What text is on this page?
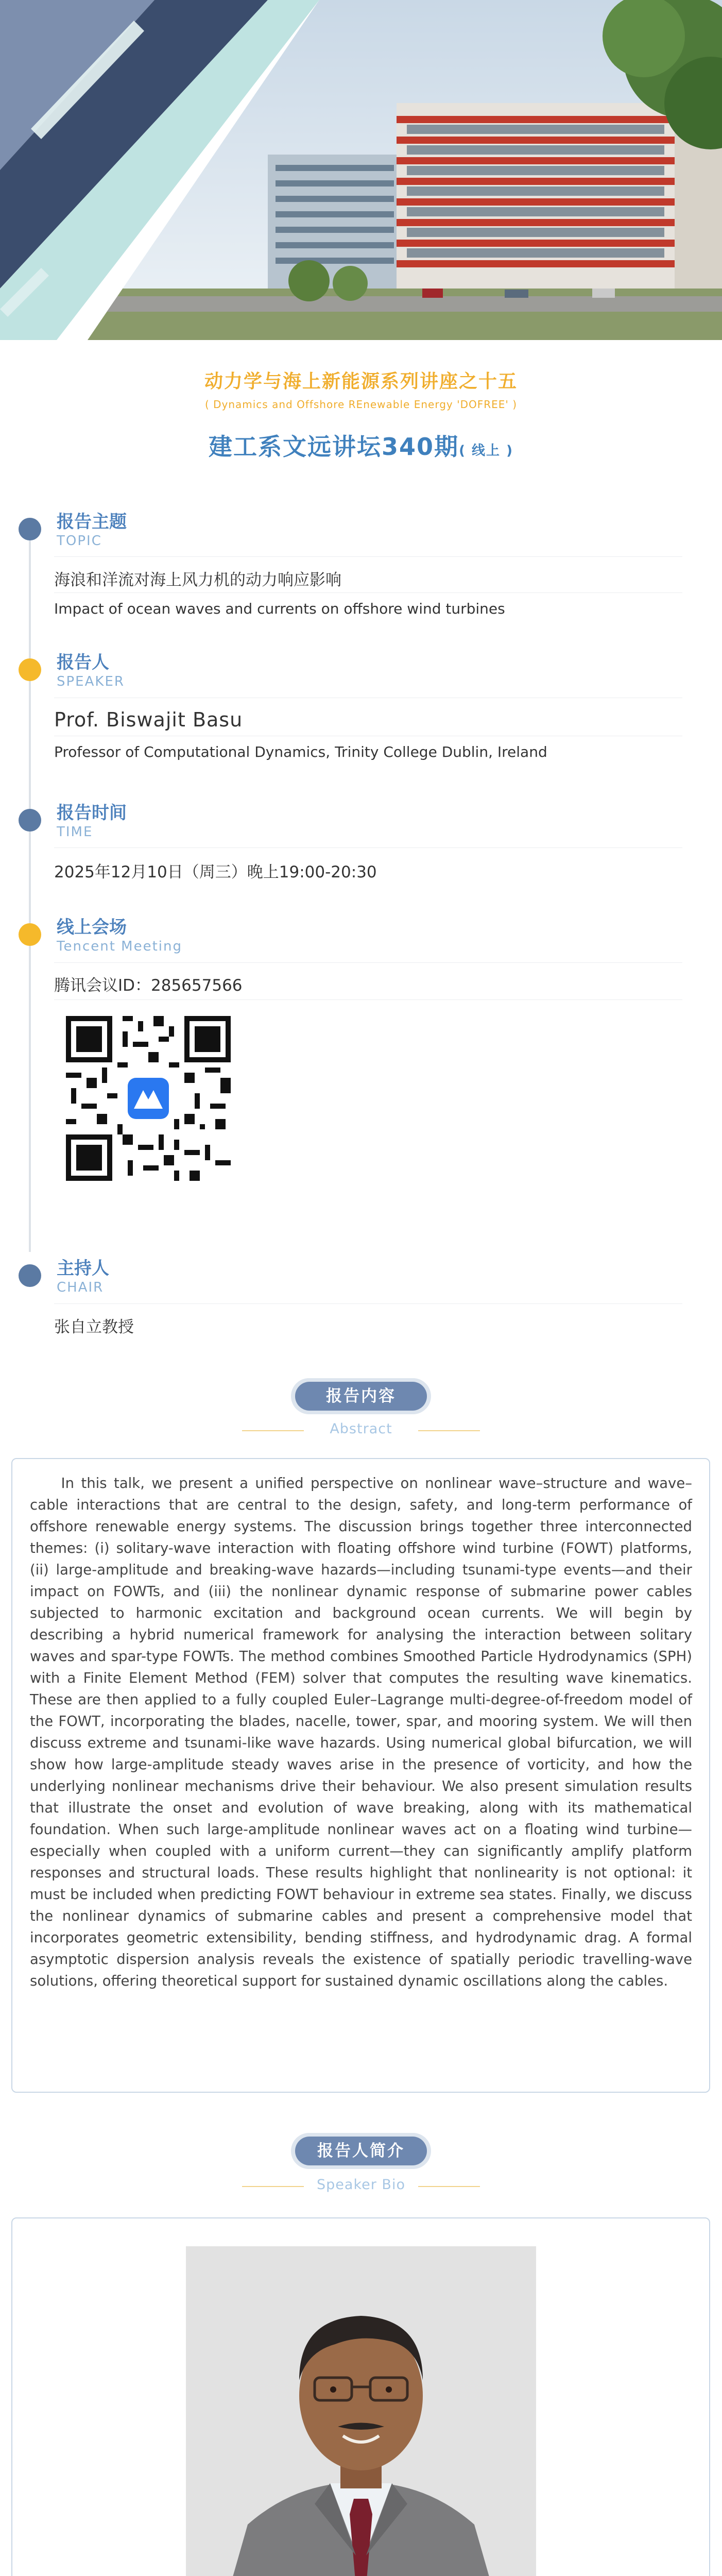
动力学与海上新能源系列讲座之十五
( Dynamics and Offshore REnewable Energy 'DOFREE' )
建工系文远讲坛340期( 线上 )
报告主题
TOPIC
海浪和洋流对海上风力机的动力响应影响
Impact of ocean waves and currents on offshore wind turbines
报告人
SPEAKER
Prof. Biswajit Basu
Professor of Computational Dynamics, Trinity College Dublin, Ireland
报告时间
TIME
2025年12月10日（周三）晚上19:00-20:30
线上会场
Tencent Meeting
腾讯会议ID：285657566
主持人
CHAIR
张自立教授
报告内容
Abstract
In this talk, we present a unified perspective on nonlinear wave–structure and wave–cable interactions that are central to the design, safety, and long-term performance of offshore renewable energy systems. The discussion brings together three interconnected themes: (i) solitary-wave interaction with floating offshore wind turbine (FOWT) platforms, (ii) large-amplitude and breaking-wave hazards—including tsunami-type events—and their impact on FOWTs, and (iii) the nonlinear dynamic response of submarine power cables subjected to harmonic excitation and background ocean currents. We will begin by describing a hybrid numerical framework for analysing the interaction between solitary waves and spar-type FOWTs. The method combines Smoothed Particle Hydrodynamics (SPH) with a Finite Element Method (FEM) solver that computes the resulting wave kinematics. These are then applied to a fully coupled Euler–Lagrange multi-degree-of-freedom model of the FOWT, incorporating the blades, nacelle, tower, spar, and mooring system. We will then discuss extreme and tsunami-like wave hazards. Using numerical global bifurcation, we will show how large-amplitude steady waves arise in the presence of vorticity, and how the underlying nonlinear mechanisms drive their behaviour. We also present simulation results that illustrate the onset and evolution of wave breaking, along with its mathematical foundation. When such large-amplitude nonlinear waves act on a floating wind turbine—especially when coupled with a uniform current—they can significantly amplify platform responses and structural loads. These results highlight that nonlinearity is not optional: it must be included when predicting FOWT behaviour in extreme sea states. Finally, we discuss the nonlinear dynamics of submarine cables and present a comprehensive model that incorporates geometric extensibility, bending stiffness, and hydrodynamic drag. A formal asymptotic dispersion analysis reveals the existence of spatially periodic travelling-wave solutions, offering theoretical support for sustained dynamic oscillations along the cables.
报告人简介
Speaker Bio
